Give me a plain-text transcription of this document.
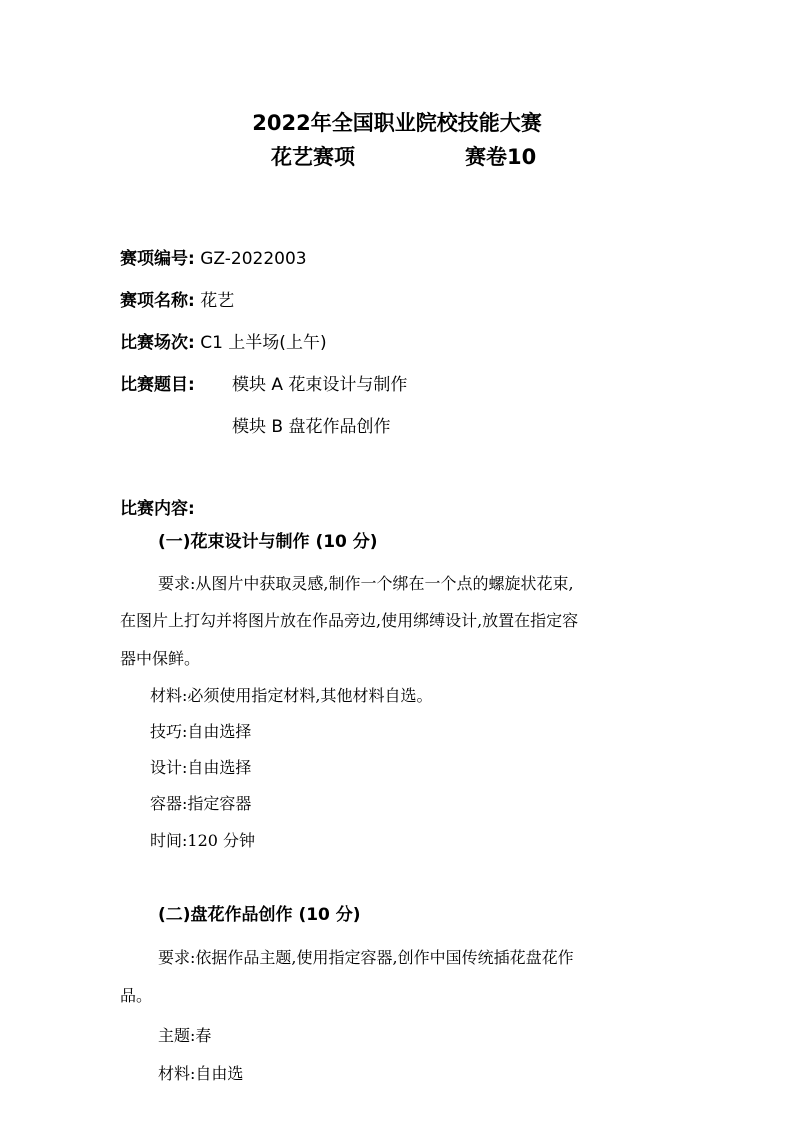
2022年全国职业院校技能大赛
花艺赛项	赛卷10
赛项编号: GZ-2022003
赛项名称: 花艺
比赛场次: C1 上半场(上午)
比赛题目: 模块 A 花束设计与制作
模块 B 盘花作品创作
比赛内容:
(一)花束设计与制作 (10 分)
要求:从图片中获取灵感,制作一个绑在一个点的螺旋状花束,
在图片上打勾并将图片放在作品旁边,使用绑缚设计,放置在指定容
器中保鲜。
材料:必须使用指定材料,其他材料自选。
技巧:自由选择
设计:自由选择
容器:指定容器
时间:120 分钟
(二)盘花作品创作 (10 分)
要求:依据作品主题,使用指定容器,创作中国传统插花盘花作
品。
主题:春
材料:自由选
